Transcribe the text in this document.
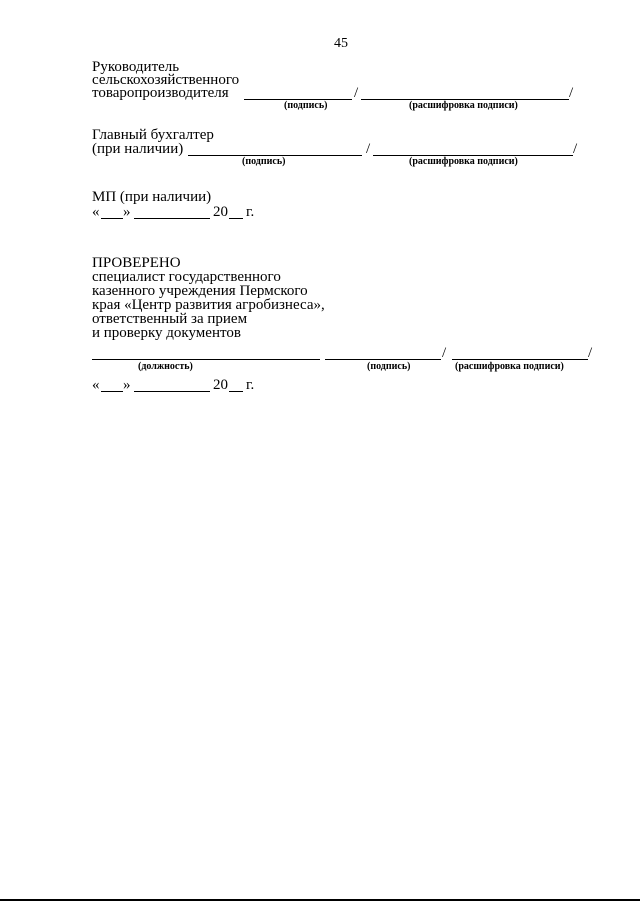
45
Руководитель
сельскохозяйственного
товаропроизводителя	/	/
(подпись)	(расшифровка подписи)
Главный бухгалтер
(при наличии)	/	/
(подпись)	(расшифровка подписи)
МП (при наличии)
« »	20 г.
ПРОВЕРЕНО
специалист государственного
казенного учреждения Пермского
края «Центр развития агробизнеса»,
ответственный за прием
и проверку документов
/	/
(должность)	(подпись)	(расшифровка подписи)
« »	20 г.
